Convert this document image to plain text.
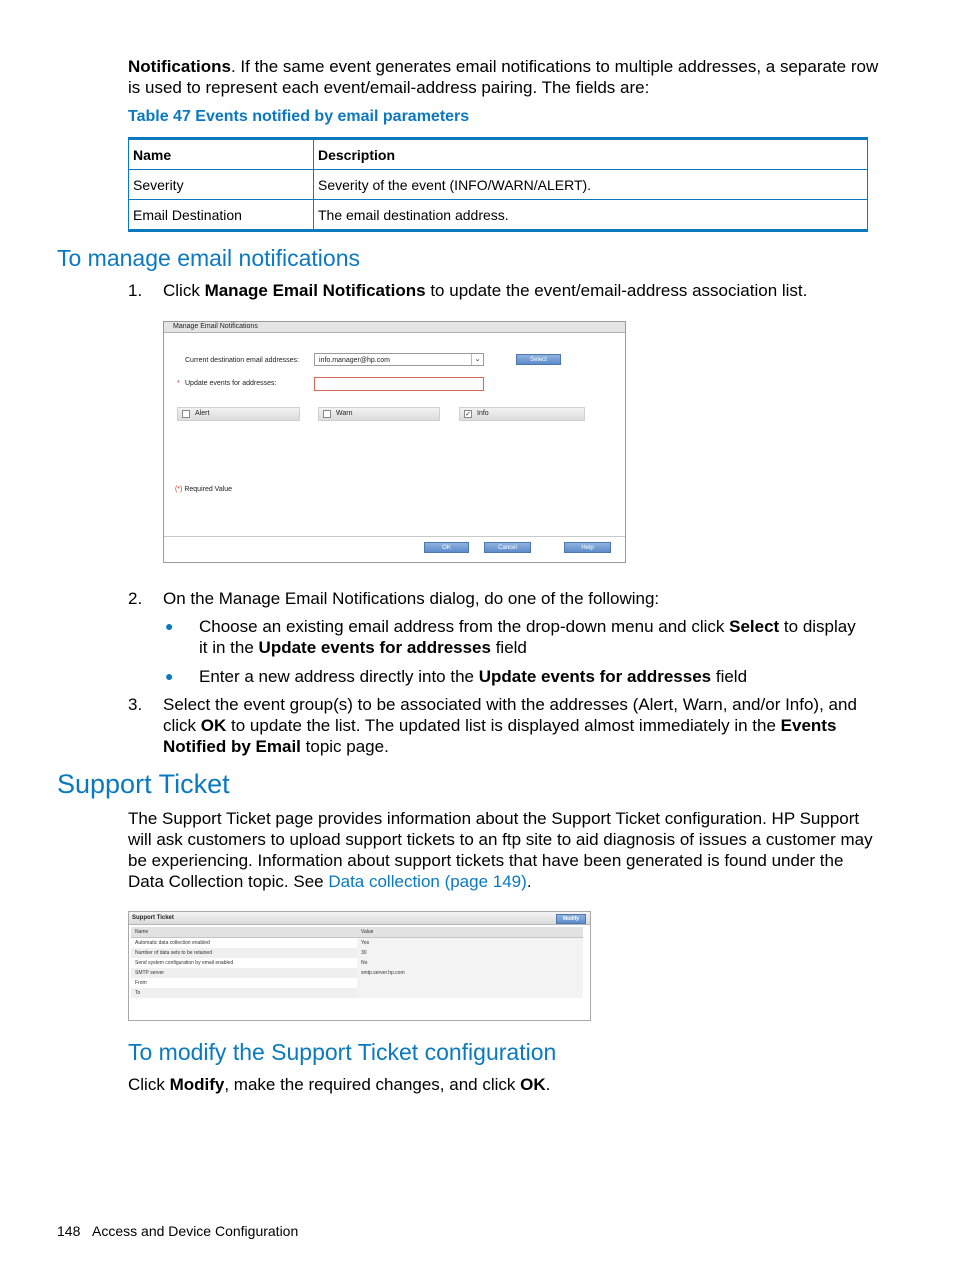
Notifications. If the same event generates email notifications to multiple addresses, a separate row
is used to represent each event/email-address pairing. The fields are:
Table 47 Events notified by email parameters
Name	Description
Severity	Severity of the event (INFO/WARN/ALERT).
Email Destination	The email destination address.
To manage email notifications
1. Click Manage Email Notifications to update the event/email-address association list.
Manage Email Notifications
Current destination email addresses:	info.manager@hp.com	⌄	Select
* Update events for addresses:
Alert	Warn	✓ Info
(*) Required Value
OK	Cancel	Help
2. On the Manage Email Notifications dialog, do one of the following:
● Choose an existing email address from the drop-down menu and click Select to display
it in the Update events for addresses field
● Enter a new address directly into the Update events for addresses field
3. Select the event group(s) to be associated with the addresses (Alert, Warn, and/or Info), and
click OK to update the list. The updated list is displayed almost immediately in the Events
Notified by Email topic page.
Support Ticket
The Support Ticket page provides information about the Support Ticket configuration. HP Support
will ask customers to upload support tickets to an ftp site to aid diagnosis of issues a customer may
be experiencing. Information about support tickets that have been generated is found under the
Data Collection topic. See Data collection (page 149).
Support Ticket	Modify
Name	Value
Automatic data collection enabled	Yes
Number of data sets to be retained	30
Send system configuration by email enabled	No
SMTP server	smtp.server.hp.com
From	
To	
To modify the Support Ticket configuration
Click Modify, make the required changes, and click OK.
148 Access and Device Configuration
